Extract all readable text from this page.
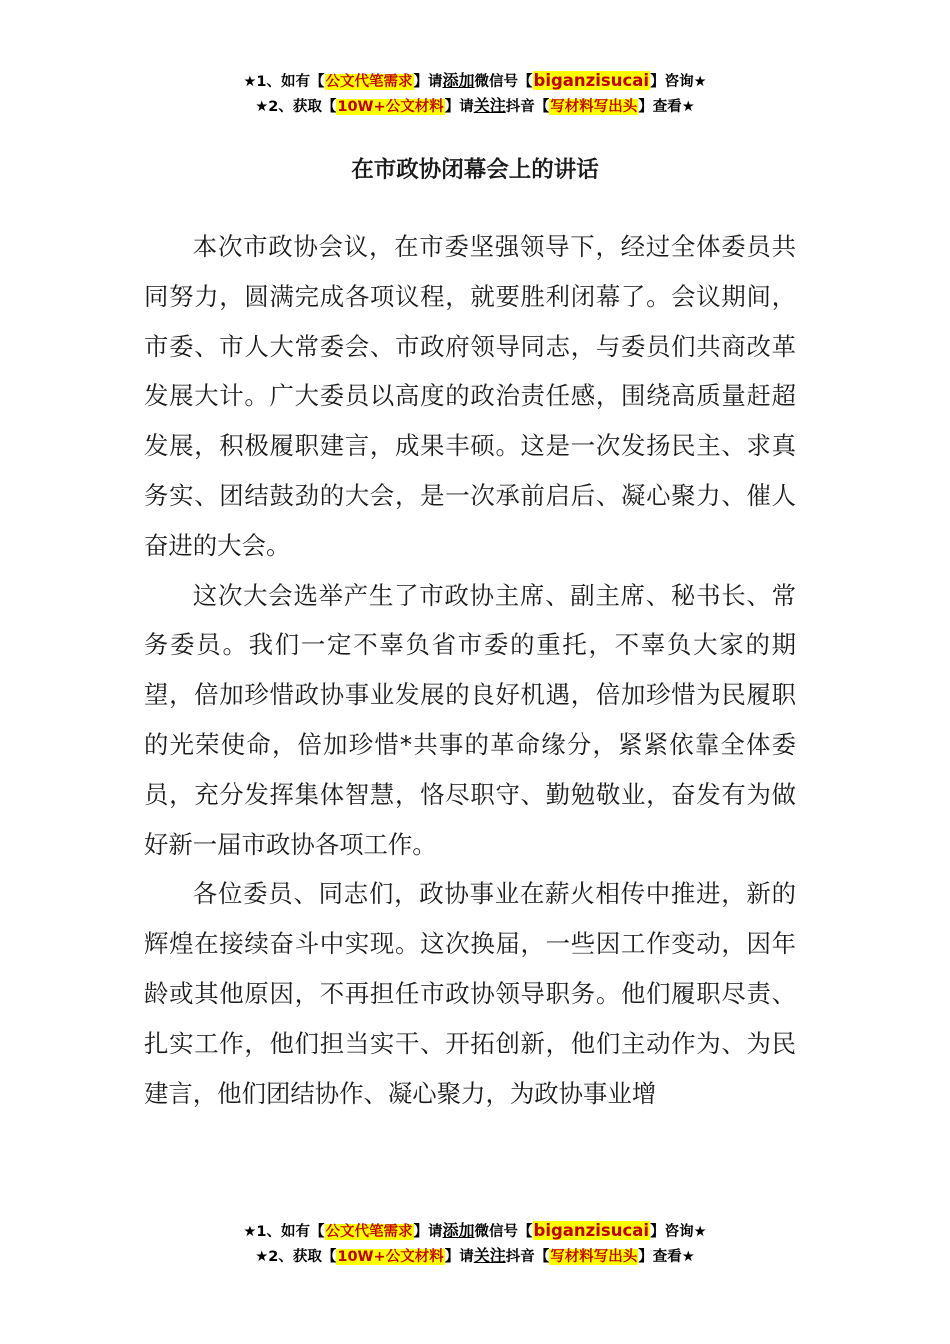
★1、如有【公文代笔需求】请添加微信号【biganzisucai】咨询★
★2、获取【10W+公文材料】请关注抖音【写材料写出头】查看★
在市政协闭幕会上的讲话

本次市政协会议，在市委坚强领导下，经过全体委员共同努力，圆满完成各项议程，就要胜利闭幕了。会议期间，市委、市人大常委会、市政府领导同志，与委员们共商改革发展大计。广大委员以高度的政治责任感，围绕高质量赶超发展，积极履职建言，成果丰硕。这是一次发扬民主、求真务实、团结鼓劲的大会，是一次承前启后、凝心聚力、催人奋进的大会。

这次大会选举产生了市政协主席、副主席、秘书长、常务委员。我们一定不辜负省市委的重托，不辜负大家的期望，倍加珍惜政协事业发展的良好机遇，倍加珍惜为民履职的光荣使命，倍加珍惜*共事的革命缘分，紧紧依靠全体委员，充分发挥集体智慧，恪尽职守、勤勉敬业，奋发有为做好新一届市政协各项工作。

各位委员、同志们，政协事业在薪火相传中推进，新的辉煌在接续奋斗中实现。这次换届，一些因工作变动，因年龄或其他原因，不再担任市政协领导职务。他们履职尽责、扎实工作，他们担当实干、开拓创新，他们主动作为、为民建言，他们团结协作、凝心聚力，为政协事业增

★1、如有【公文代笔需求】请添加微信号【biganzisucai】咨询★
★2、获取【10W+公文材料】请关注抖音【写材料写出头】查看★
